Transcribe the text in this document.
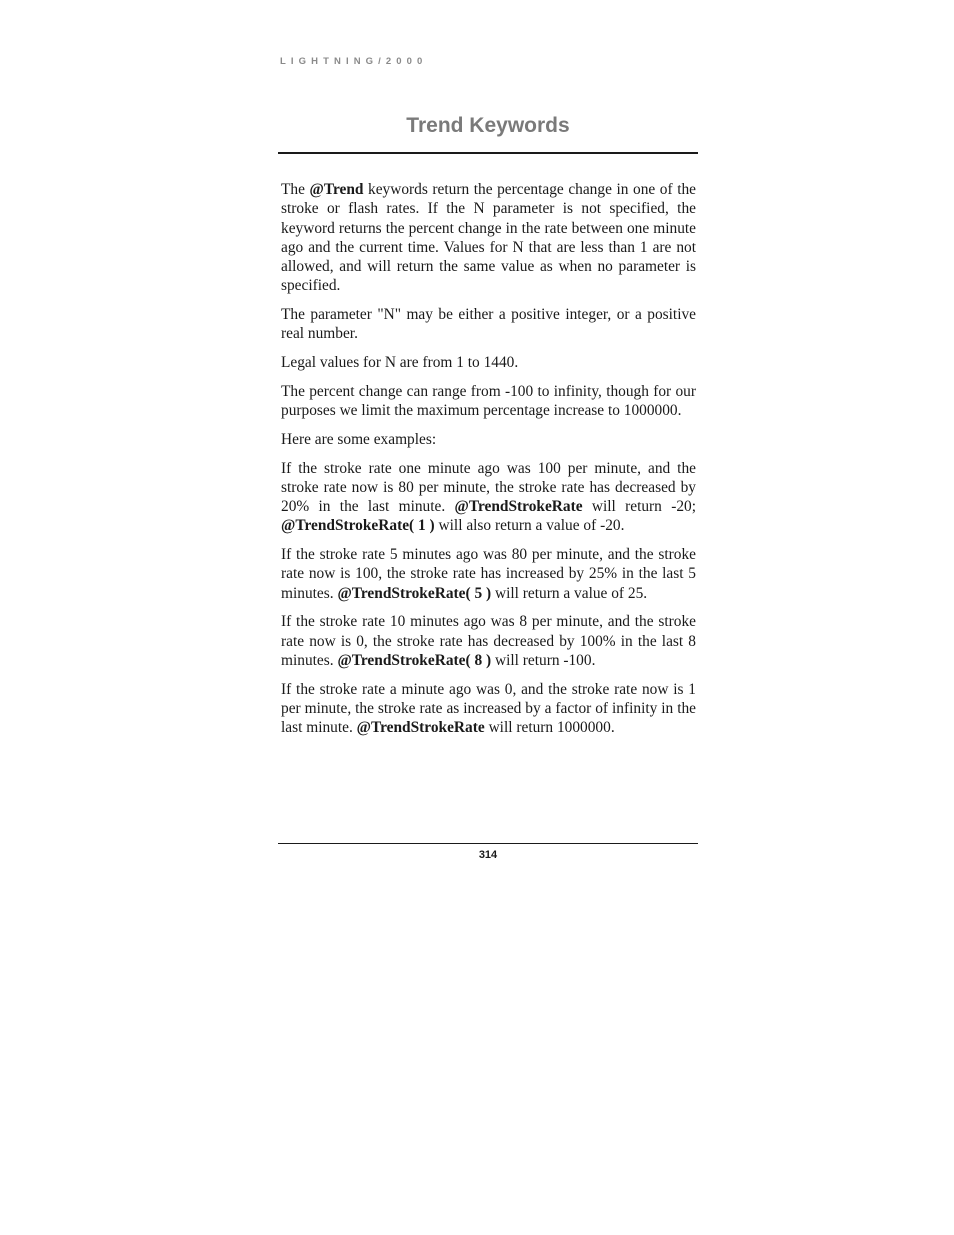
LIGHTNING/2000
Trend Keywords

The @Trend keywords return the percentage change in one of the stroke or flash rates. If the N parameter is not specified, the keyword returns the percent change in the rate between one minute ago and the current time. Values for N that are less than 1 are not allowed, and will return the same value as when no parameter is specified.

The parameter "N" may be either a positive integer, or a positive real number.

Legal values for N are from 1 to 1440.

The percent change can range from -100 to infinity, though for our purposes we limit the maximum percentage increase to 1000000.

Here are some examples:

If the stroke rate one minute ago was 100 per minute, and the stroke rate now is 80 per minute, the stroke rate has decreased by 20% in the last minute. @TrendStrokeRate will return -20; @TrendStrokeRate( 1 ) will also return a value of -20.

If the stroke rate 5 minutes ago was 80 per minute, and the stroke rate now is 100, the stroke rate has increased by 25% in the last 5 minutes. @TrendStrokeRate( 5 ) will return a value of 25.

If the stroke rate 10 minutes ago was 8 per minute, and the stroke rate now is 0, the stroke rate has decreased by 100% in the last 8 minutes. @TrendStrokeRate( 8 ) will return -100.

If the stroke rate a minute ago was 0, and the stroke rate now is 1 per minute, the stroke rate as increased by a factor of infinity in the last minute. @TrendStrokeRate will return 1000000.

314
